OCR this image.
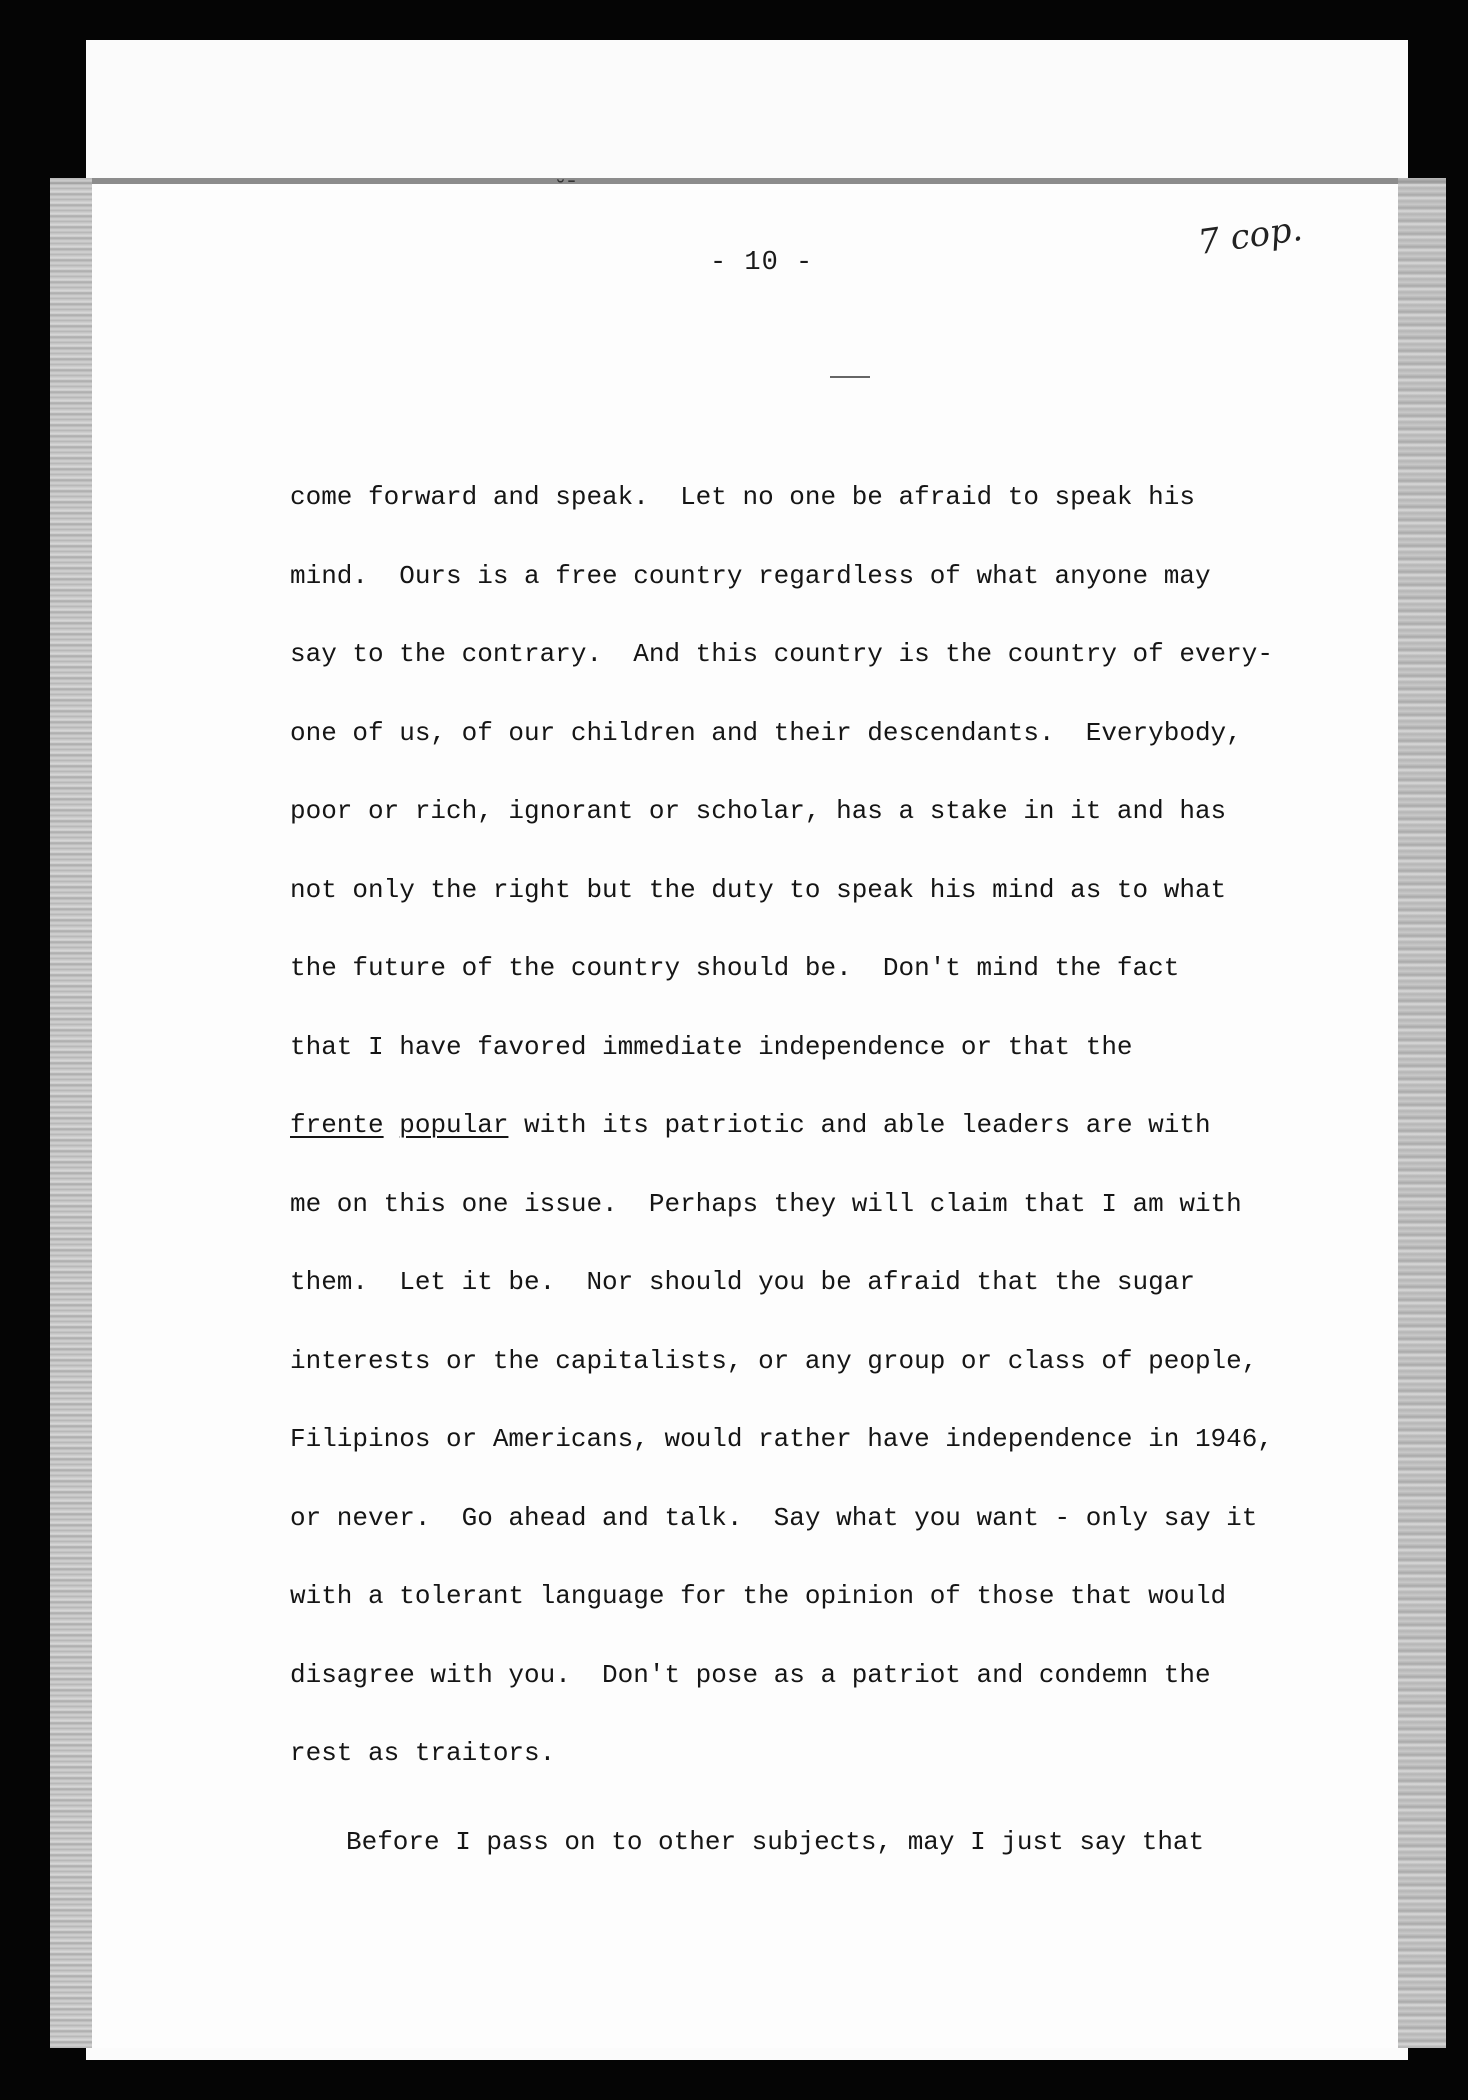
˘ˉ
- 10 -	7 cop.
come forward and speak.  Let no one be afraid to speak his
mind.  Ours is a free country regardless of what anyone may
say to the contrary.  And this country is the country of every-
one of us, of our children and their descendants.  Everybody,
poor or rich, ignorant or scholar, has a stake in it and has
not only the right but the duty to speak his mind as to what
the future of the country should be.  Don't mind the fact
that I have favored immediate independence or that the
frente popular with its patriotic and able leaders are with
me on this one issue.  Perhaps they will claim that I am with
them.  Let it be.  Nor should you be afraid that the sugar
interests or the capitalists, or any group or class of people,
Filipinos or Americans, would rather have independence in 1946,
or never.  Go ahead and talk.  Say what you want - only say it
with a tolerant language for the opinion of those that would
disagree with you.  Don't pose as a patriot and condemn the
rest as traitors.
Before I pass on to other subjects, may I just say that
